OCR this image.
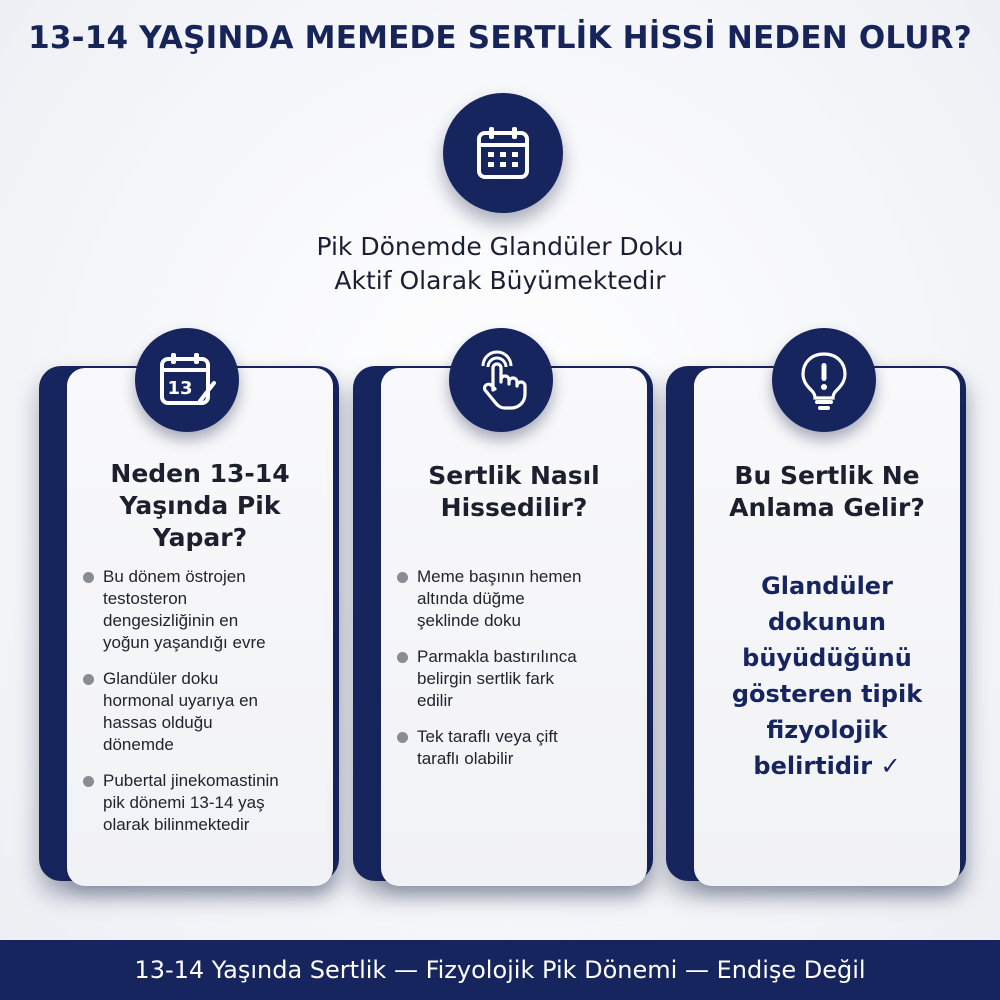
13-14 YAŞINDA MEMEDE SERTLİK HİSSİ NEDEN OLUR?
Pik Dönemde Glandüler Doku
Aktif Olarak Büyümektedir
13
Neden 13-14
Yaşında Pik
Yapar?
Bu dönem östrojen
testosteron
dengesizliğinin en
yoğun yaşandığı evre
Glandüler doku
hormonal uyarıya en
hassas olduğu
dönemde
Pubertal jinekomastinin
pik dönemi 13-14 yaş
olarak bilinmektedir
Sertlik Nasıl
Hissedilir?
Meme başının hemen
altında düğme
şeklinde doku
Parmakla bastırılınca
belirgin sertlik fark
edilir
Tek taraflı veya çift
taraflı olabilir
Bu Sertlik Ne
Anlama Gelir?
Glandüler
dokunun
büyüdüğünü
gösteren tipik
fizyolojik
belirtidir ✓
13-14 Yaşında Sertlik — Fizyolojik Pik Dönemi — Endişe Değil
